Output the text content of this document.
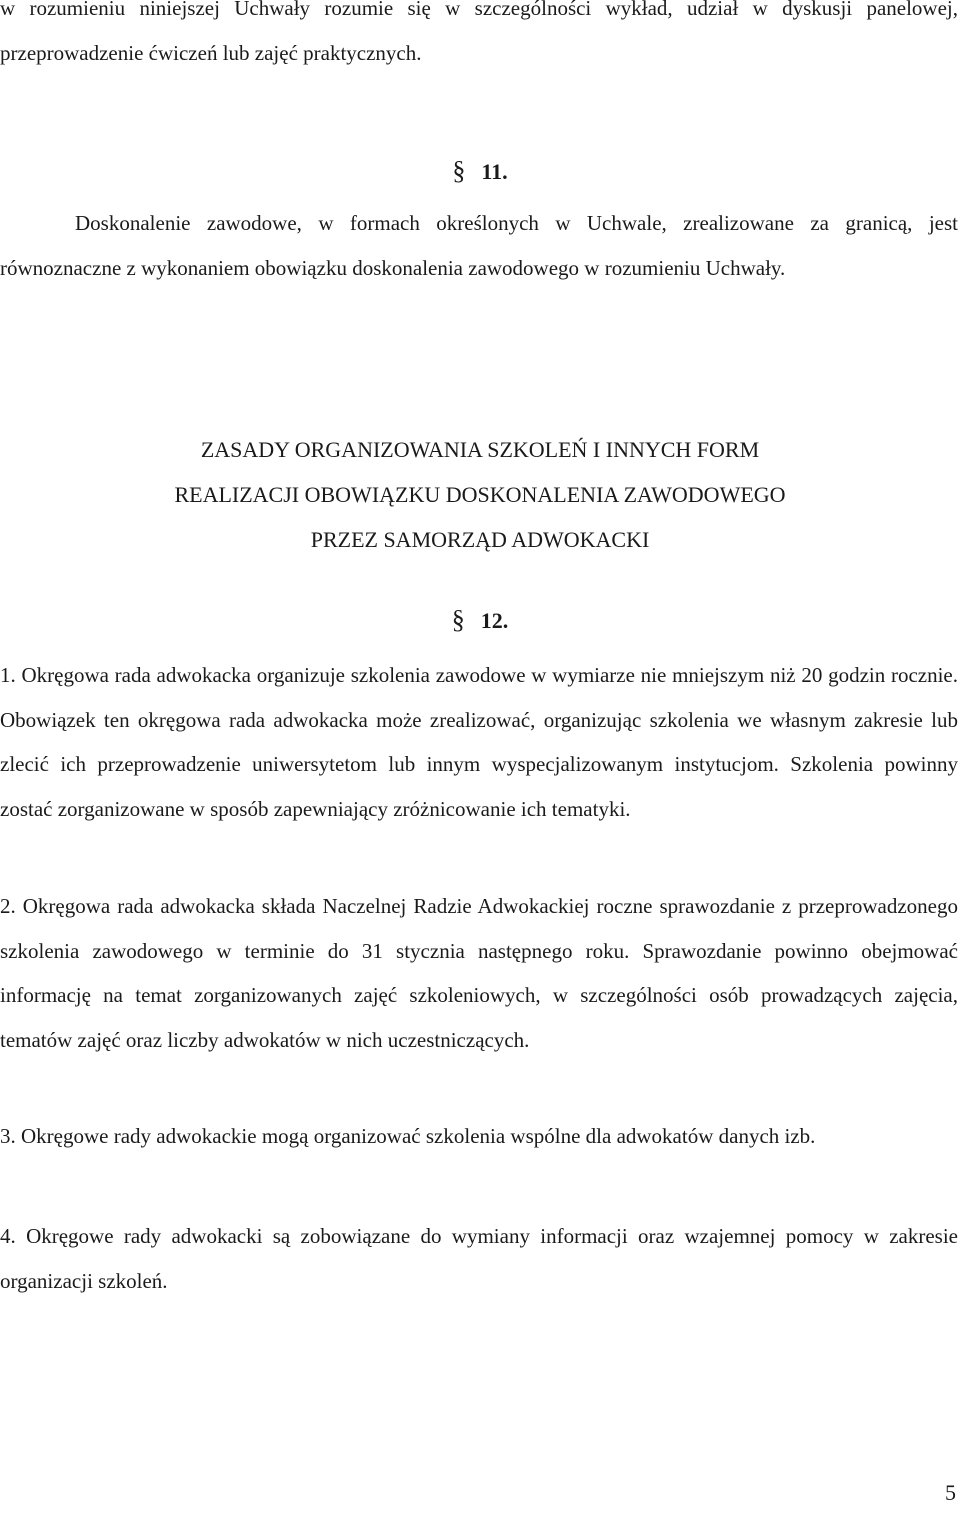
w rozumieniu niniejszej Uchwały rozumie się w szczególności wykład, udział w dyskusji panelowej, przeprowadzenie ćwiczeń lub zajęć praktycznych.

§ 11.

Doskonalenie zawodowe, w formach określonych w Uchwale, zrealizowane za granicą, jest równoznaczne z wykonaniem obowiązku doskonalenia zawodowego w rozumieniu Uchwały.

ZASADY ORGANIZOWANIA SZKOLEŃ I INNYCH FORM
REALIZACJI OBOWIĄZKU DOSKONALENIA ZAWODOWEGO
PRZEZ SAMORZĄD ADWOKACKI

§ 12.

1. Okręgowa rada adwokacka organizuje szkolenia zawodowe w wymiarze nie mniejszym niż 20 godzin rocznie. Obowiązek ten okręgowa rada adwokacka może zrealizować, organizując szkolenia we własnym zakresie lub zlecić ich przeprowadzenie uniwersytetom lub innym wyspecjalizowanym instytucjom. Szkolenia powinny zostać zorganizowane w sposób zapewniający zróżnicowanie ich tematyki.

2. Okręgowa rada adwokacka składa Naczelnej Radzie Adwokackiej roczne sprawozdanie z przeprowadzonego szkolenia zawodowego w terminie do 31 stycznia następnego roku. Sprawozdanie powinno obejmować informację na temat zorganizowanych zajęć szkoleniowych, w szczególności osób prowadzących zajęcia, tematów zajęć oraz liczby adwokatów w nich uczestniczących.

3. Okręgowe rady adwokackie mogą organizować szkolenia wspólne dla adwokatów danych izb.

4. Okręgowe rady adwokacki są zobowiązane do wymiany informacji oraz wzajemnej pomocy w zakresie organizacji szkoleń.

5
